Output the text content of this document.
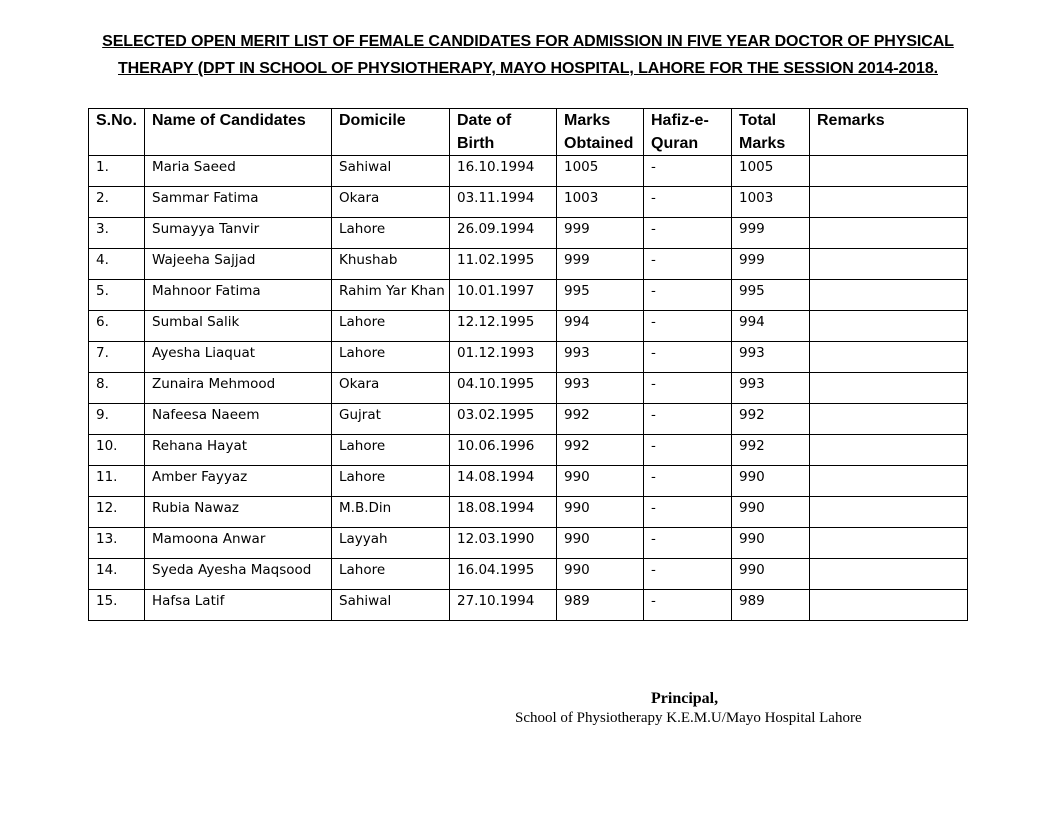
SELECTED OPEN MERIT LIST OF FEMALE CANDIDATES FOR ADMISSION IN FIVE YEAR DOCTOR OF PHYSICAL
THERAPY (DPT IN SCHOOL OF PHYSIOTHERAPY, MAYO HOSPITAL, LAHORE FOR THE SESSION 2014-2018.
S.No.	Name of Candidates	Domicile	Date of Birth	Marks Obtained	Hafiz-e-Quran	Total Marks	Remarks
1.	Maria Saeed	Sahiwal	16.10.1994	1005	-	1005	
2.	Sammar Fatima	Okara	03.11.1994	1003	-	1003	
3.	Sumayya Tanvir	Lahore	26.09.1994	999	-	999	
4.	Wajeeha Sajjad	Khushab	11.02.1995	999	-	999	
5.	Mahnoor Fatima	Rahim Yar Khan	10.01.1997	995	-	995	
6.	Sumbal Salik	Lahore	12.12.1995	994	-	994	
7.	Ayesha Liaquat	Lahore	01.12.1993	993	-	993	
8.	Zunaira Mehmood	Okara	04.10.1995	993	-	993	
9.	Nafeesa Naeem	Gujrat	03.02.1995	992	-	992	
10.	Rehana Hayat	Lahore	10.06.1996	992	-	992	
11.	Amber Fayyaz	Lahore	14.08.1994	990	-	990	
12.	Rubia Nawaz	M.B.Din	18.08.1994	990	-	990	
13.	Mamoona Anwar	Layyah	12.03.1990	990	-	990	
14.	Syeda Ayesha Maqsood	Lahore	16.04.1995	990	-	990	
15.	Hafsa Latif	Sahiwal	27.10.1994	989	-	989	
Principal,
School of Physiotherapy K.E.M.U/Mayo Hospital Lahore
